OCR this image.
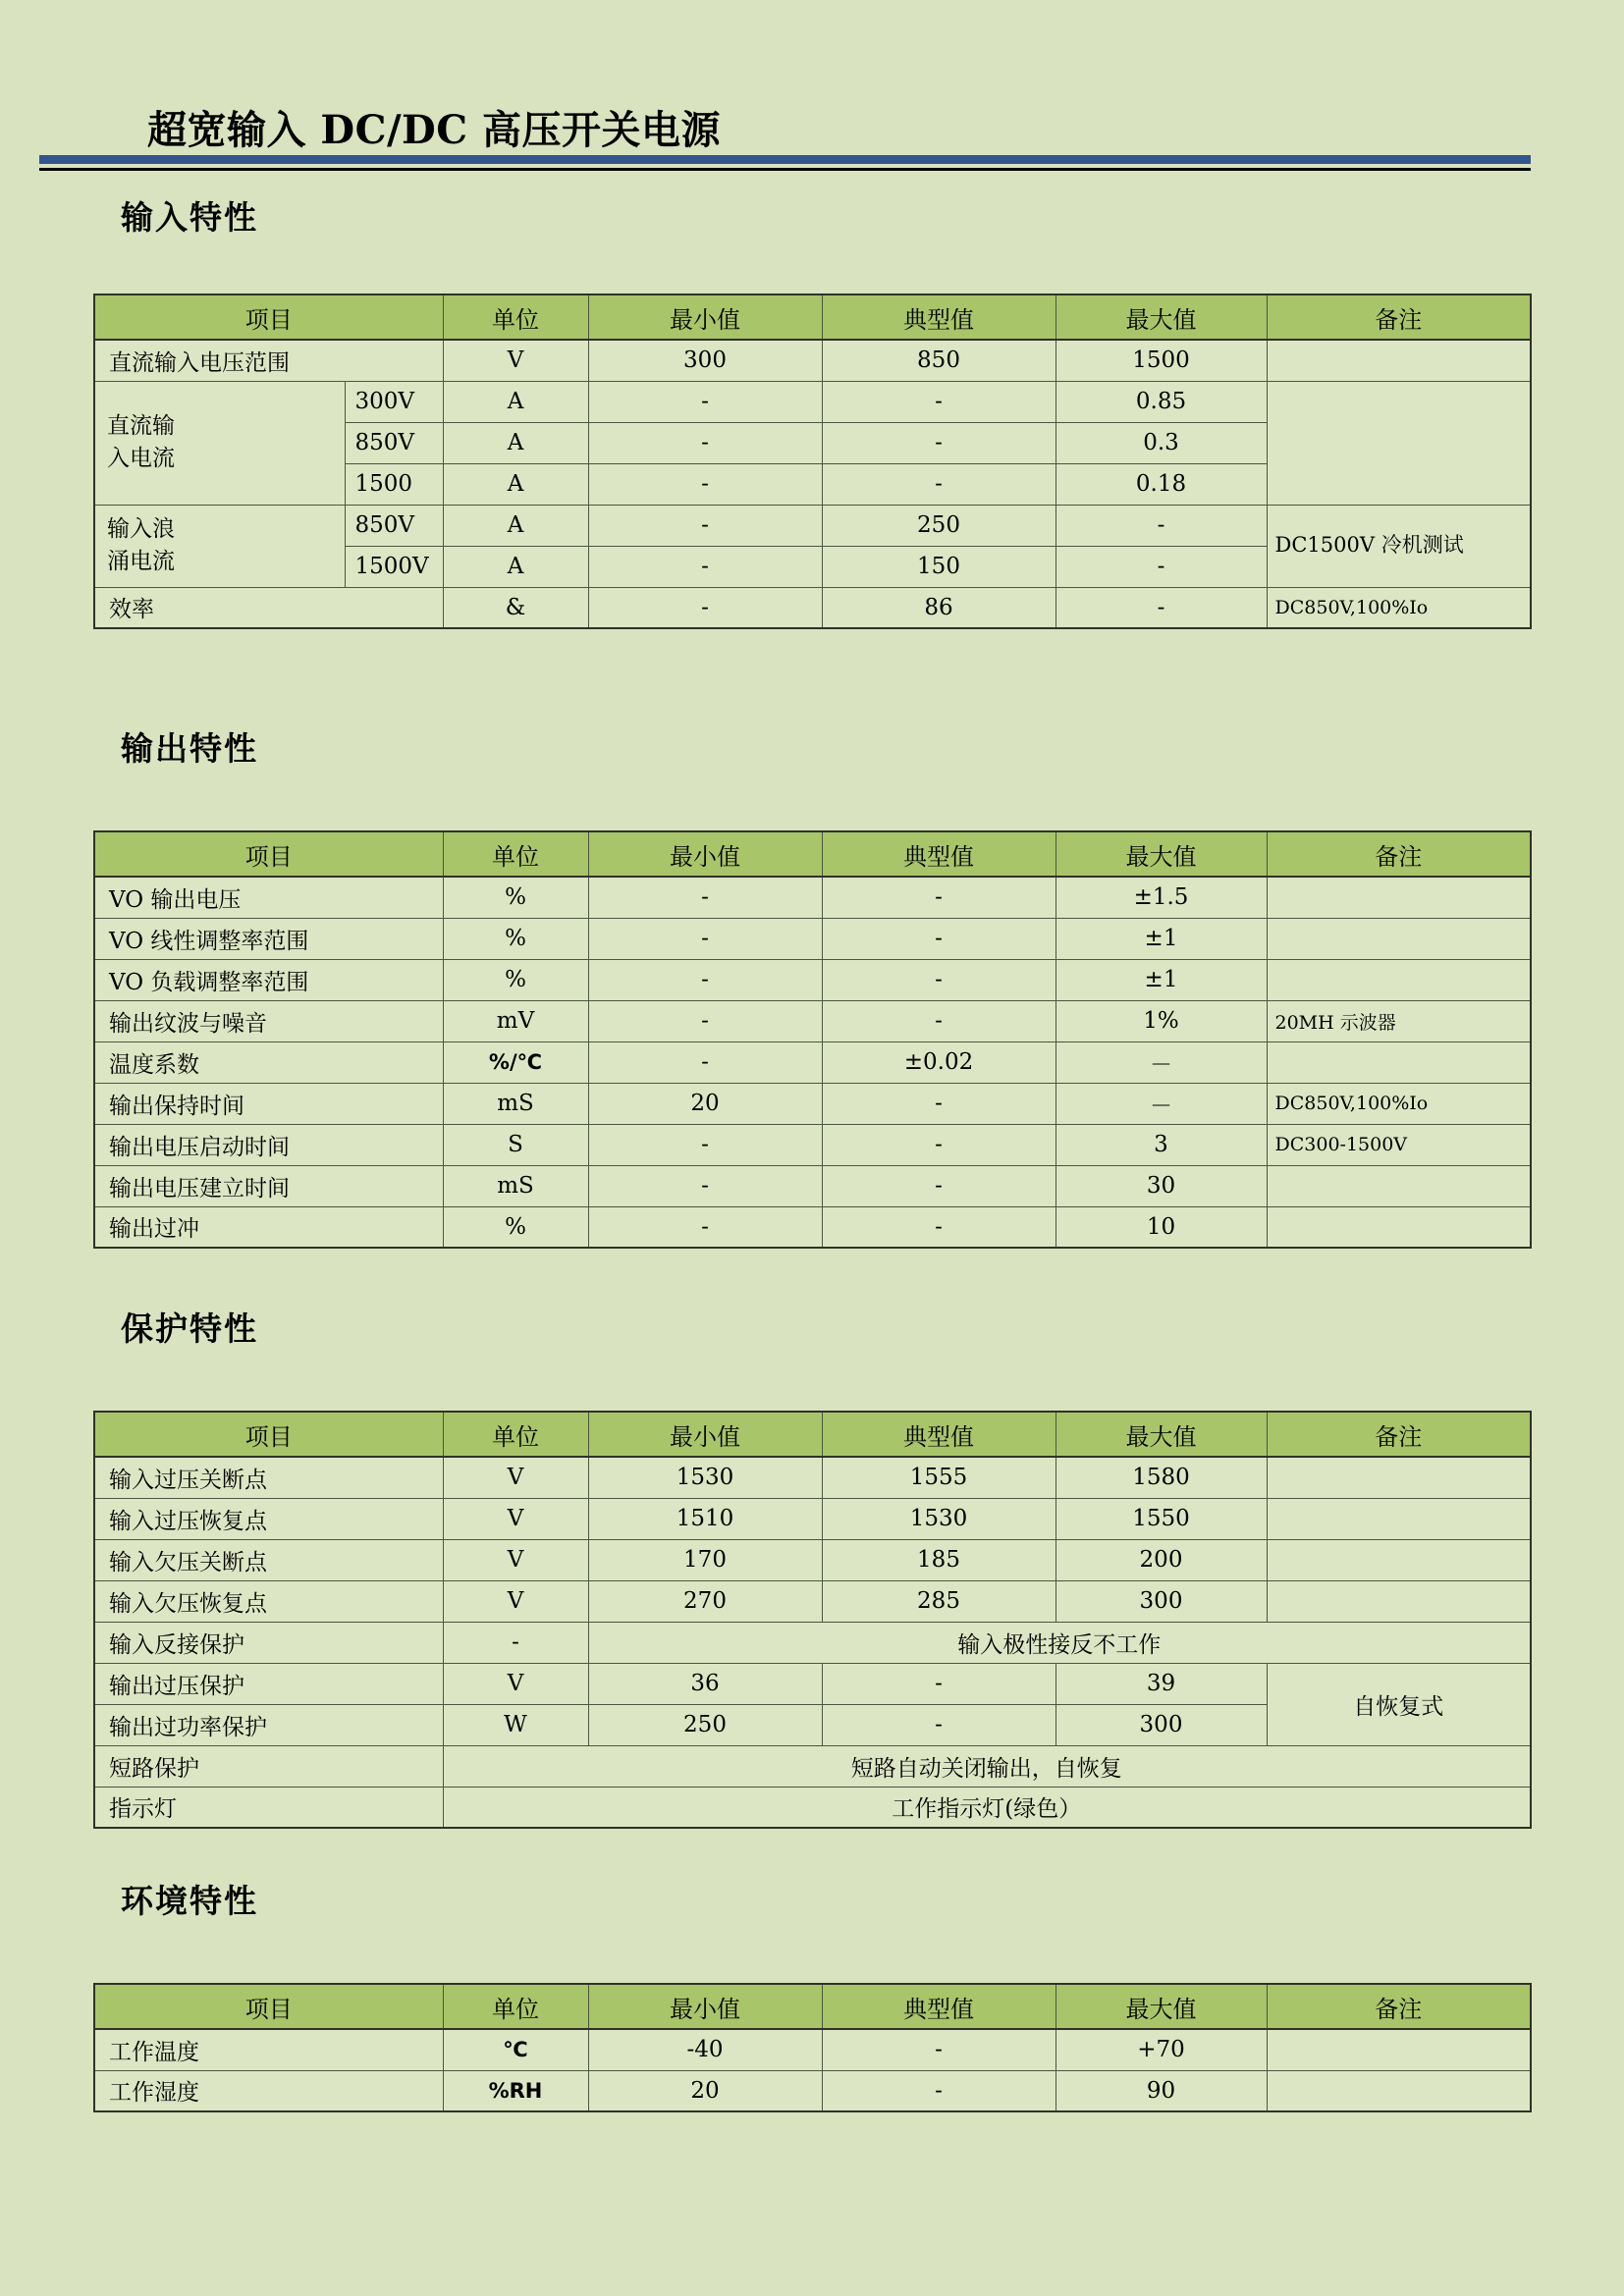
超宽输入 DC/DC 高压开关电源
输入特性
项目		单位	最小值	典型值	最大值	备注
直流输入电压范围		V	300	850	1500	
直流输
入电流	300V	A	-	-	0.85	
	850V	A	-	-	0.3	
	1500	A	-	-	0.18	
输入浪
涌电流	850V	A	-	250	-	DC1500V 冷机测试
	1500V	A	-	150	-	
效率		&	-	86	-	DC850V,100%Io
输出特性
项目	单位	最小值	典型值	最大值	备注
VO 输出电压	%	-	-	±1.5	
VO 线性调整率范围	%	-	-	±1	
VO 负载调整率范围	%	-	-	±1	
输出纹波与噪音	mV	-	-	1%	20MH 示波器
温度系数	%/℃	-	±0.02	－	
输出保持时间	mS	20	-	－	DC850V,100%Io
输出电压启动时间	S	-	-	3	DC300-1500V
输出电压建立时间	mS	-	-	30	
输出过冲	%	-	-	10	
保护特性
项目	单位	最小值	典型值	最大值	备注
输入过压关断点	V	1530	1555	1580	
输入过压恢复点	V	1510	1530	1550	
输入欠压关断点	V	170	185	200	
输入欠压恢复点	V	270	285	300	
输入反接保护	-	输入极性接反不工作			
输出过压保护	V	36	-	39	自恢复式
输出过功率保护	W	250	-	300	
短路保护	短路自动关闭输出，自恢复				
指示灯	工作指示灯(绿色）				
环境特性
项目	单位	最小值	典型值	最大值	备注
工作温度	℃	-40	-	+70	
工作湿度	%RH	20	-	90	
